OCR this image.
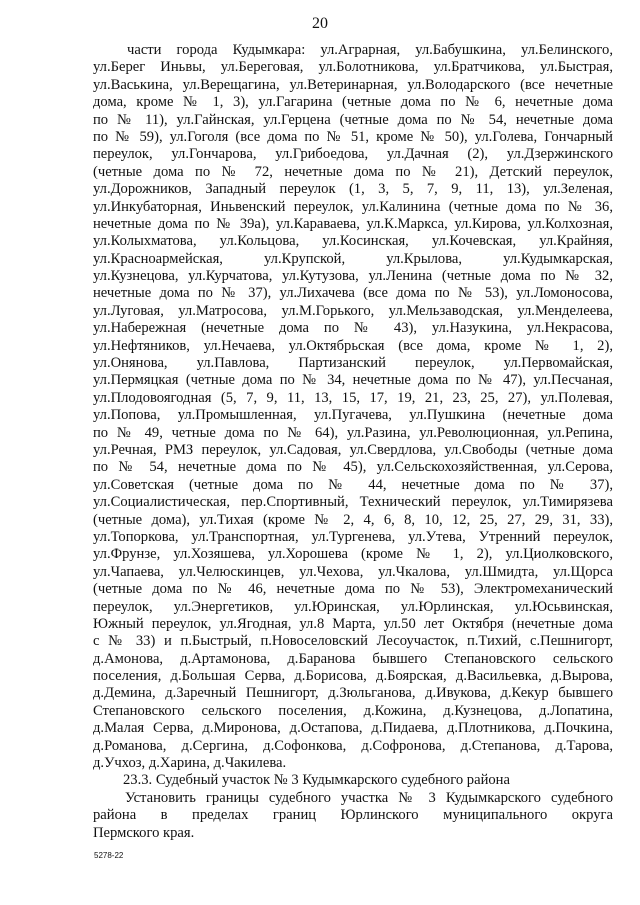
20
части города Кудымкара: ул.Аграрная, ул.Бабушкина, ул.Белинского,
ул.Берег Иньвы, ул.Береговая, ул.Болотникова, ул.Братчикова, ул.Быстрая,
ул.Васькина, ул.Верещагина, ул.Ветеринарная, ул.Володарского (все нечетные
дома, кроме № 1, 3), ул.Гагарина (четные дома по № 6, нечетные дома
по № 11), ул.Гайнская, ул.Герцена (четные дома по № 54, нечетные дома
по № 59), ул.Гоголя (все дома по № 51, кроме № 50), ул.Голева, Гончарный
переулок, ул.Гончарова, ул.Грибоедова, ул.Дачная (2), ул.Дзержинского
(четные дома по № 72, нечетные дома по № 21), Детский переулок,
ул.Дорожников, Западный переулок (1, 3, 5, 7, 9, 11, 13), ул.Зеленая,
ул.Инкубаторная, Иньвенский переулок, ул.Калинина (четные дома по № 36,
нечетные дома по № 39а), ул.Караваева, ул.К.Маркса, ул.Кирова, ул.Колхозная,
ул.Колыхматова, ул.Кольцова, ул.Косинская, ул.Кочевская, ул.Крайняя,
ул.Красноармейская, ул.Крупской, ул.Крылова, ул.Кудымкарская,
ул.Кузнецова, ул.Курчатова, ул.Кутузова, ул.Ленина (четные дома по № 32,
нечетные дома по № 37), ул.Лихачева (все дома по № 53), ул.Ломоносова,
ул.Луговая, ул.Матросова, ул.М.Горького, ул.Мельзаводская, ул.Менделеева,
ул.Набережная (нечетные дома по № 43), ул.Назукина, ул.Некрасова,
ул.Нефтяников, ул.Нечаева, ул.Октябрьская (все дома, кроме № 1, 2),
ул.Онянова, ул.Павлова, Партизанский переулок, ул.Первомайская,
ул.Пермяцкая (четные дома по № 34, нечетные дома по № 47), ул.Песчаная,
ул.Плодовоягодная (5, 7, 9, 11, 13, 15, 17, 19, 21, 23, 25, 27), ул.Полевая,
ул.Попова, ул.Промышленная, ул.Пугачева, ул.Пушкина (нечетные дома
по № 49, четные дома по № 64), ул.Разина, ул.Революционная, ул.Репина,
ул.Речная, РМЗ переулок, ул.Садовая, ул.Свердлова, ул.Свободы (четные дома
по № 54, нечетные дома по № 45), ул.Сельскохозяйственная, ул.Серова,
ул.Советская (четные дома по № 44, нечетные дома по № 37),
ул.Социалистическая, пер.Спортивный, Технический переулок, ул.Тимирязева
(четные дома), ул.Тихая (кроме № 2, 4, 6, 8, 10, 12, 25, 27, 29, 31, 33),
ул.Топоркова, ул.Транспортная, ул.Тургенева, ул.Утева, Утренний переулок,
ул.Фрунзе, ул.Хозяшева, ул.Хорошева (кроме № 1, 2), ул.Циолковского,
ул.Чапаева, ул.Челюскинцев, ул.Чехова, ул.Чкалова, ул.Шмидта, ул.Щорса
(четные дома по № 46, нечетные дома по № 53), Электромеханический
переулок, ул.Энергетиков, ул.Юринская, ул.Юрлинская, ул.Юсьвинская,
Южный переулок, ул.Ягодная, ул.8 Марта, ул.50 лет Октября (нечетные дома
с № 33) и п.Быстрый, п.Новоселовский Лесоучасток, п.Тихий, с.Пешнигорт,
д.Амонова, д.Артамонова, д.Баранова бывшего Степановского сельского
поселения, д.Большая Серва, д.Борисова, д.Боярская, д.Васильевка, д.Вырова,
д.Демина, д.Заречный Пешнигорт, д.Зюльганова, д.Ивукова, д.Кекур бывшего
Степановского сельского поселения, д.Кожина, д.Кузнецова, д.Лопатина,
д.Малая Серва, д.Миронова, д.Остапова, д.Пидаева, д.Плотникова, д.Почкина,
д.Романова, д.Сергина, д.Софонкова, д.Софронова, д.Степанова, д.Тарова,
д.Учхоз, д.Харина, д.Чакилева.
23.3. Судебный участок № 3 Кудымкарского судебного района
Установить границы судебного участка № 3 Кудымкарского судебного
района в пределах границ Юрлинского муниципального округа
Пермского края.
5278-22
